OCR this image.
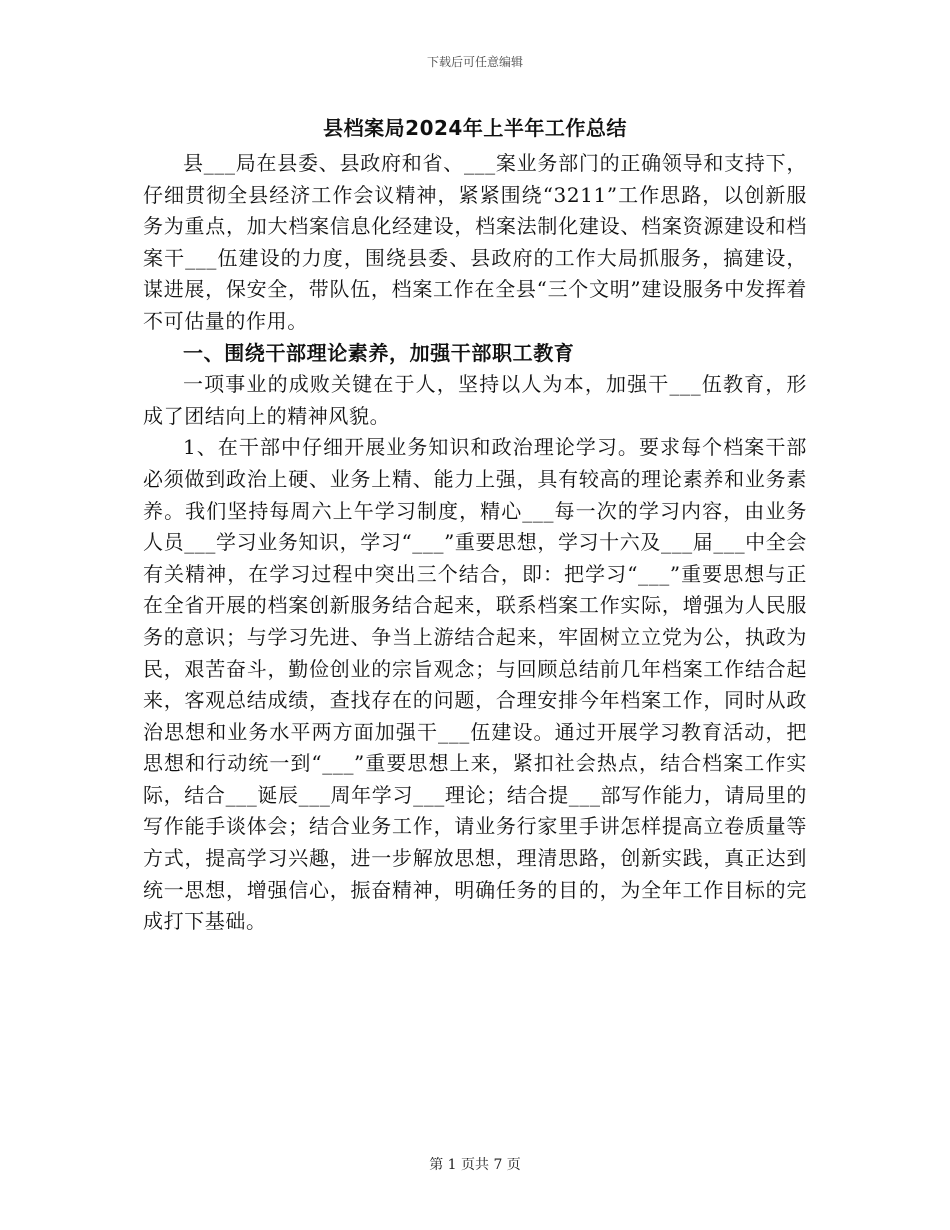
下载后可任意编辑
县档案局2024年上半年工作总结

县___局在县委、县政府和省、___案业务部门的正确领导和支持下，仔细贯彻全县经济工作会议精神，紧紧围绕“3211”工作思路，以创新服务为重点，加大档案信息化经建设，档案法制化建设、档案资源建设和档案干___伍建设的力度，围绕县委、县政府的工作大局抓服务，搞建设，谋进展，保安全，带队伍，档案工作在全县“三个文明”建设服务中发挥着不可估量的作用。

一、围绕干部理论素养，加强干部职工教育

一项事业的成败关键在于人，坚持以人为本，加强干___伍教育，形成了团结向上的精神风貌。

1、在干部中仔细开展业务知识和政治理论学习。要求每个档案干部必须做到政治上硬、业务上精、能力上强，具有较高的理论素养和业务素养。我们坚持每周六上午学习制度，精心___每一次的学习内容，由业务人员___学习业务知识，学习“___”重要思想，学习十六及___届___中全会有关精神，在学习过程中突出三个结合，即：把学习“___”重要思想与正在全省开展的档案创新服务结合起来，联系档案工作实际，增强为人民服务的意识；与学习先进、争当上游结合起来，牢固树立立党为公，执政为民，艰苦奋斗，勤俭创业的宗旨观念；与回顾总结前几年档案工作结合起来，客观总结成绩，查找存在的问题，合理安排今年档案工作，同时从政治思想和业务水平两方面加强干___伍建设。通过开展学习教育活动，把思想和行动统一到“___”重要思想上来，紧扣社会热点，结合档案工作实际，结合___诞辰___周年学习___理论；结合提___部写作能力，请局里的写作能手谈体会；结合业务工作，请业务行家里手讲怎样提高立卷质量等方式，提高学习兴趣，进一步解放思想，理清思路，创新实践，真正达到统一思想，增强信心，振奋精神，明确任务的目的，为全年工作目标的完成打下基础。

第 1 页共 7 页
